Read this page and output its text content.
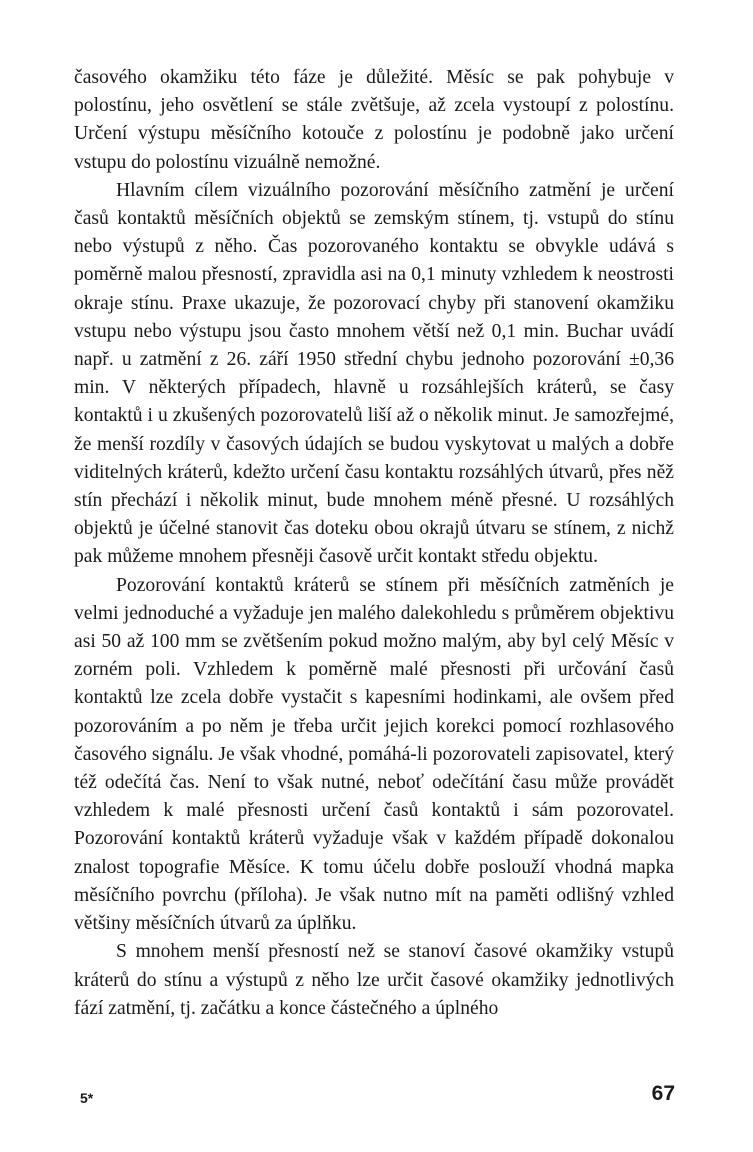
časového okamžiku této fáze je důležité. Měsíc se pak pohybuje v polostínu, jeho osvětlení se stále zvětšuje, až zcela vystoupí z polostínu. Určení výstupu měsíčního kotouče z polostínu je podobně jako určení vstupu do polostínu vizuálně nemožné.

Hlavním cílem vizuálního pozorování měsíčního zatmění je určení časů kontaktů měsíčních objektů se zemským stínem, tj. vstupů do stínu nebo výstupů z něho. Čas pozorovaného kontaktu se obvykle udává s poměrně malou přesností, zpravidla asi na 0,1 minuty vzhledem k neostrosti okraje stínu. Praxe ukazuje, že pozorovací chyby při stanovení okamžiku vstupu nebo výstupu jsou často mnohem větší než 0,1 min. Buchar uvádí např. u zatmění z 26. září 1950 střední chybu jednoho pozorování ±0,36 min. V některých případech, hlavně u rozsáhlejších kráterů, se časy kontaktů i u zkušených pozorovatelů liší až o několik minut. Je samozřejmé, že menší rozdíly v časových údajích se budou vyskytovat u malých a dobře viditelných kráterů, kdežto určení času kontaktu rozsáhlých útvarů, přes něž stín přechází i několik minut, bude mnohem méně přesné. U rozsáhlých objektů je účelné stanovit čas doteku obou okrajů útvaru se stínem, z nichž pak můžeme mnohem přesněji časově určit kontakt středu objektu.

Pozorování kontaktů kráterů se stínem při měsíčních zatměních je velmi jednoduché a vyžaduje jen malého dalekohledu s průměrem objektivu asi 50 až 100 mm se zvětšením pokud možno malým, aby byl celý Měsíc v zorném poli. Vzhledem k poměrně malé přesnosti při určování časů kontaktů lze zcela dobře vystačit s kapesními hodinkami, ale ovšem před pozorováním a po něm je třeba určit jejich korekci pomocí rozhlasového časového signálu. Je však vhodné, pomáhá-li pozorovateli zapisovatel, který též odečítá čas. Není to však nutné, neboť odečítání času může provádět vzhledem k malé přesnosti určení časů kontaktů i sám pozorovatel. Pozorování kontaktů kráterů vyžaduje však v každém případě dokonalou znalost topografie Měsíce. K tomu účelu dobře poslouží vhodná mapka měsíčního povrchu (příloha). Je však nutno mít na paměti odlišný vzhled většiny měsíčních útvarů za úplňku.

S mnohem menší přesností než se stanoví časové okamžiky vstupů kráterů do stínu a výstupů z něho lze určit časové okamžiky jednotlivých fází zatmění, tj. začátku a konce částečného a úplného

5*	67
